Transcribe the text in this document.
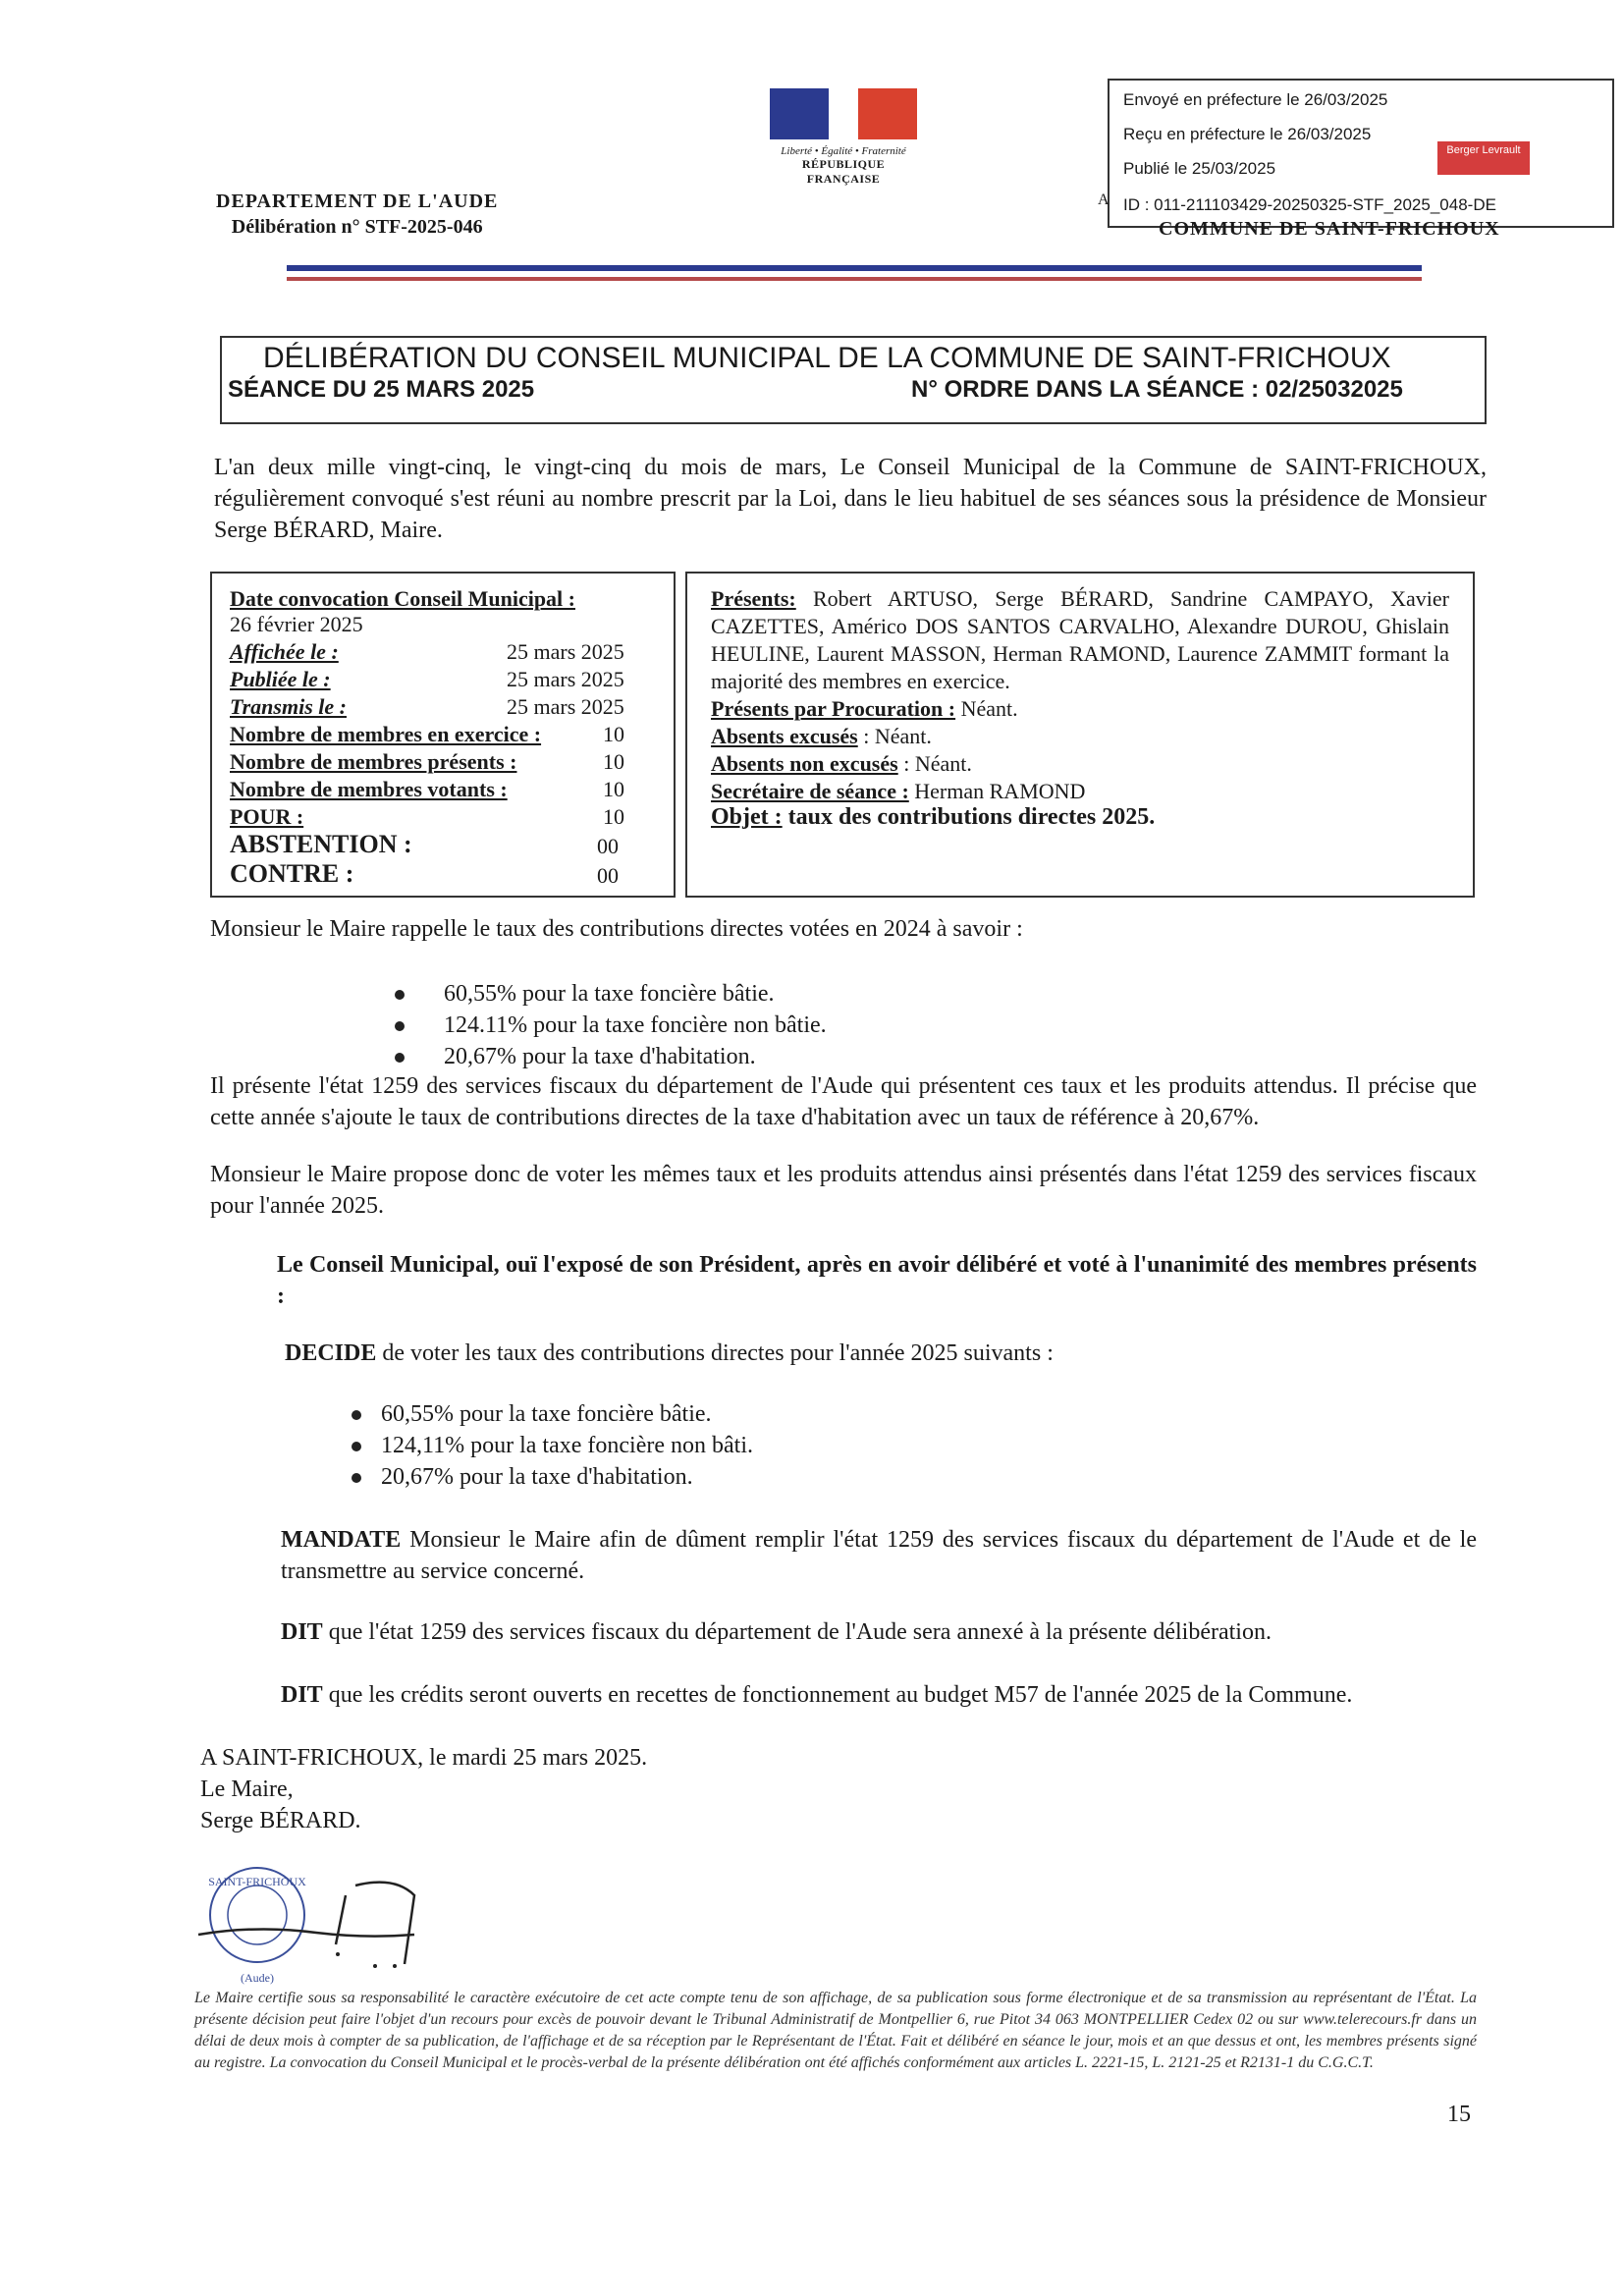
Liberté • Égalité • Fraternité
RÉPUBLIQUE FRANÇAISE
DEPARTEMENT DE L'AUDE
Délibération n° STF-2025-046
Envoyé en préfecture le 26/03/2025
Reçu en préfecture le 26/03/2025
Publié le 25/03/2025
ID : 011-211103429-20250325-STF_2025_048-DE
Berger Levrault
A
COMMUNE DE SAINT-FRICHOUX
DÉLIBÉRATION DU CONSEIL MUNICIPAL DE LA COMMUNE DE SAINT-FRICHOUX
SÉANCE DU 25 MARS 2025	N° ORDRE DANS LA SÉANCE : 02/25032025
L'an deux mille vingt-cinq, le vingt-cinq du mois de mars, Le Conseil Municipal de la Commune de SAINT-FRICHOUX, régulièrement convoqué s'est réuni au nombre prescrit par la Loi, dans le lieu habituel de ses séances sous la présidence de Monsieur Serge BÉRARD, Maire.
Date convocation Conseil Municipal :
26 février 2025
Affichée le :	25 mars 2025
Publiée le :	25 mars 2025
Transmis le :	25 mars 2025
Nombre de membres en exercice :	10
Nombre de membres présents :	10
Nombre de membres votants :	10
POUR :	10
ABSTENTION :	00
CONTRE :	00
Présents: Robert ARTUSO, Serge BÉRARD, Sandrine CAMPAYO, Xavier CAZETTES, Américo DOS SANTOS CARVALHO, Alexandre DUROU, Ghislain HEULINE, Laurent MASSON, Herman RAMOND, Laurence ZAMMIT formant la majorité des membres en exercice.
Présents par Procuration : Néant.
Absents excusés : Néant.
Absents non excusés : Néant.
Secrétaire de séance : Herman RAMOND
Objet : taux des contributions directes 2025.
Monsieur le Maire rappelle le taux des contributions directes votées en 2024 à savoir :
60,55% pour la taxe foncière bâtie.
124.11% pour la taxe foncière non bâtie.
20,67% pour la taxe d'habitation.
Il présente l'état 1259 des services fiscaux du département de l'Aude qui présentent ces taux et les produits attendus. Il précise que cette année s'ajoute le taux de contributions directes de la taxe d'habitation avec un taux de référence à 20,67%.
Monsieur le Maire propose donc de voter les mêmes taux et les produits attendus ainsi présentés dans l'état 1259 des services fiscaux pour l'année 2025.
Le Conseil Municipal, ouï l'exposé de son Président, après en avoir délibéré et voté à l'unanimité des membres présents :
DECIDE de voter les taux des contributions directes pour l'année 2025 suivants :
60,55% pour la taxe foncière bâtie.
124,11% pour la taxe foncière non bâti.
20,67% pour la taxe d'habitation.
MANDATE Monsieur le Maire afin de dûment remplir l'état 1259 des services fiscaux du département de l'Aude et de le transmettre au service concerné.
DIT que l'état 1259 des services fiscaux du département de l'Aude sera annexé à la présente délibération.
DIT que les crédits seront ouverts en recettes de fonctionnement au budget M57 de l'année 2025 de la Commune.
A SAINT-FRICHOUX, le mardi 25 mars 2025.
Le Maire,
Serge BÉRARD.
SAINT-FRICHOUX
(Aude)
Le Maire certifie sous sa responsabilité le caractère exécutoire de cet acte compte tenu de son affichage, de sa publication sous forme électronique et de sa transmission au représentant de l'État. La présente décision peut faire l'objet d'un recours pour excès de pouvoir devant le Tribunal Administratif de Montpellier 6, rue Pitot 34 063 MONTPELLIER Cedex 02 ou sur www.telerecours.fr dans un délai de deux mois à compter de sa publication, de l'affichage et de sa réception par le Représentant de l'État. Fait et délibéré en séance le jour, mois et an que dessus et ont, les membres présents signé au registre. La convocation du Conseil Municipal et le procès-verbal de la présente délibération ont été affichés conformément aux articles L. 2221-15, L. 2121-25 et R2131-1 du C.G.C.T.
15
